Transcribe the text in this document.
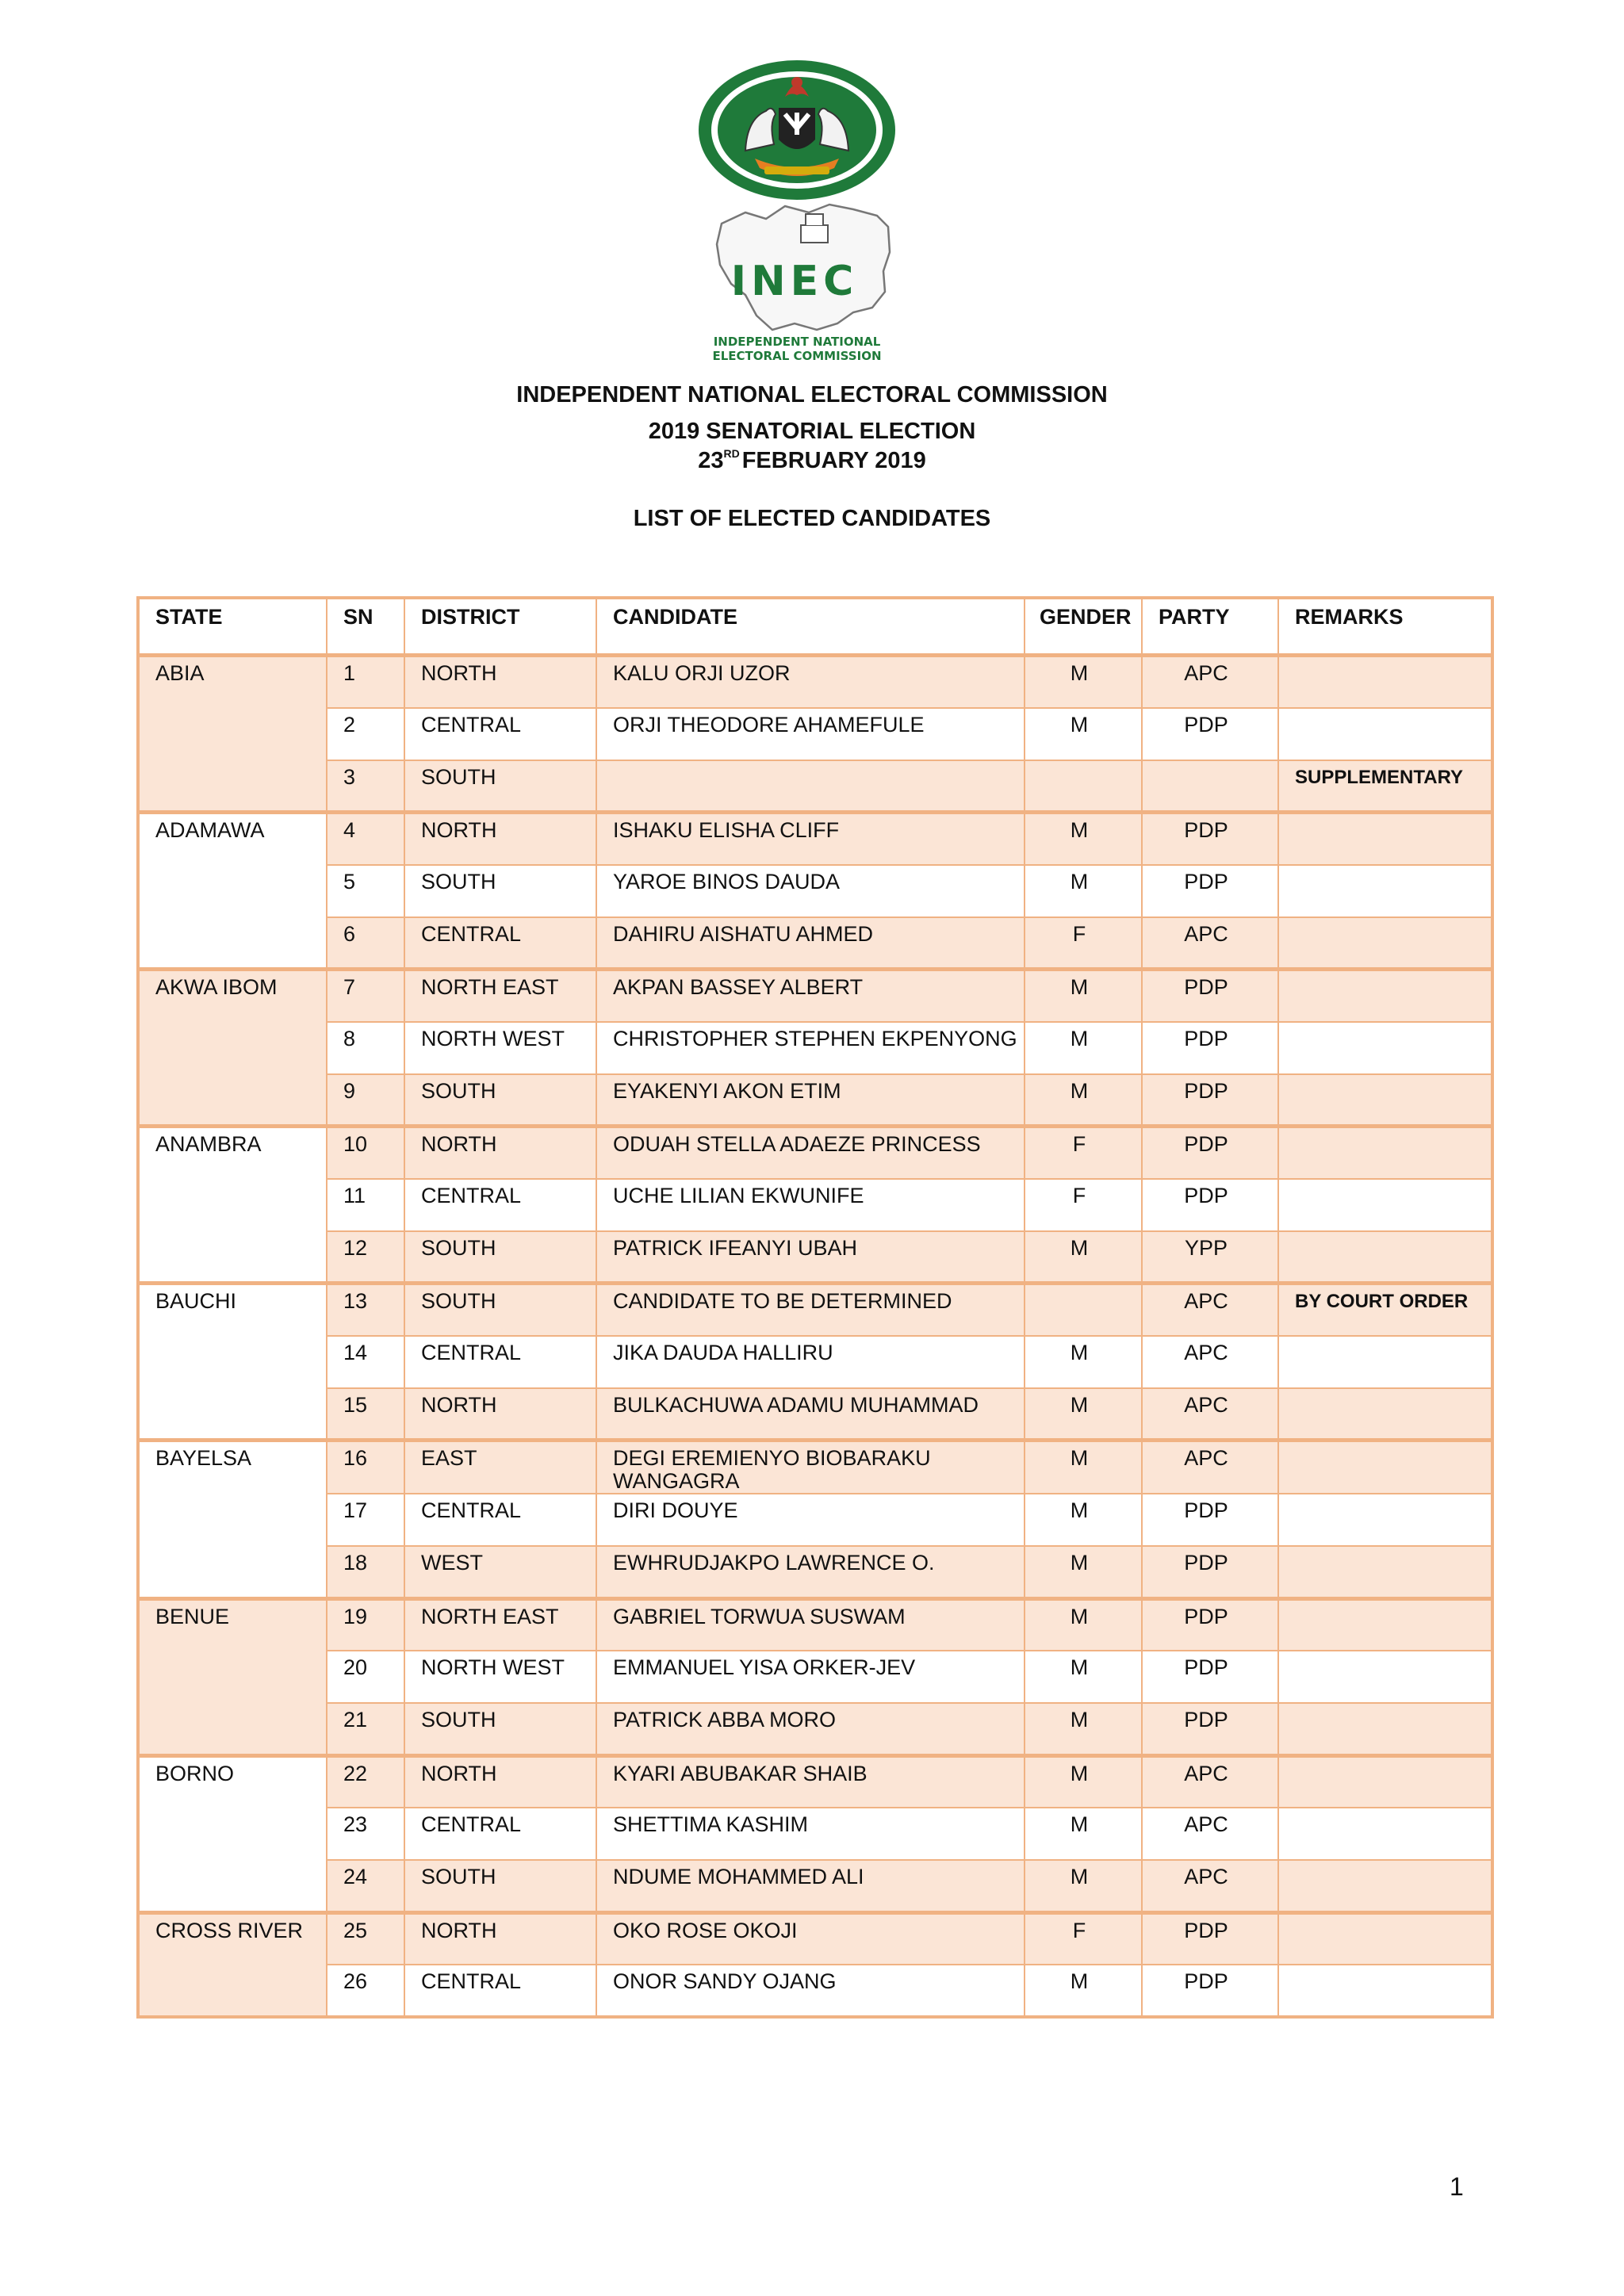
INEC
INDEPENDENT NATIONAL
ELECTORAL COMMISSION
INDEPENDENT NATIONAL ELECTORAL COMMISSION
2019 SENATORIAL ELECTION
23RD FEBRUARY 2019
LIST OF ELECTED CANDIDATES
STATE	SN	DISTRICT	CANDIDATE	GENDER	PARTY	REMARKS
ABIA	1	NORTH	KALU ORJI UZOR	M	APC	
	2	CENTRAL	ORJI THEODORE AHAMEFULE	M	PDP	
	3	SOUTH				SUPPLEMENTARY
ADAMAWA	4	NORTH	ISHAKU ELISHA CLIFF	M	PDP	
	5	SOUTH	YAROE BINOS DAUDA	M	PDP	
	6	CENTRAL	DAHIRU AISHATU AHMED	F	APC	
AKWA IBOM	7	NORTH EAST	AKPAN BASSEY ALBERT	M	PDP	
	8	NORTH WEST	CHRISTOPHER STEPHEN EKPENYONG	M	PDP	
	9	SOUTH	EYAKENYI AKON ETIM	M	PDP	
ANAMBRA	10	NORTH	ODUAH STELLA ADAEZE PRINCESS	F	PDP	
	11	CENTRAL	UCHE LILIAN EKWUNIFE	F	PDP	
	12	SOUTH	PATRICK IFEANYI UBAH	M	YPP	
BAUCHI	13	SOUTH	CANDIDATE TO BE DETERMINED		APC	BY COURT ORDER
	14	CENTRAL	JIKA DAUDA HALLIRU	M	APC	
	15	NORTH	BULKACHUWA ADAMU MUHAMMAD	M	APC	
BAYELSA	16	EAST	DEGI EREMIENYO BIOBARAKU WANGAGRA	M	APC	
	17	CENTRAL	DIRI DOUYE	M	PDP	
	18	WEST	EWHRUDJAKPO LAWRENCE O.	M	PDP	
BENUE	19	NORTH EAST	GABRIEL TORWUA SUSWAM	M	PDP	
	20	NORTH WEST	EMMANUEL YISA ORKER-JEV	M	PDP	
	21	SOUTH	PATRICK ABBA MORO	M	PDP	
BORNO	22	NORTH	KYARI ABUBAKAR SHAIB	M	APC	
	23	CENTRAL	SHETTIMA KASHIM	M	APC	
	24	SOUTH	NDUME MOHAMMED ALI	M	APC	
CROSS RIVER	25	NORTH	OKO ROSE OKOJI	F	PDP	
	26	CENTRAL	ONOR SANDY OJANG	M	PDP	
1
